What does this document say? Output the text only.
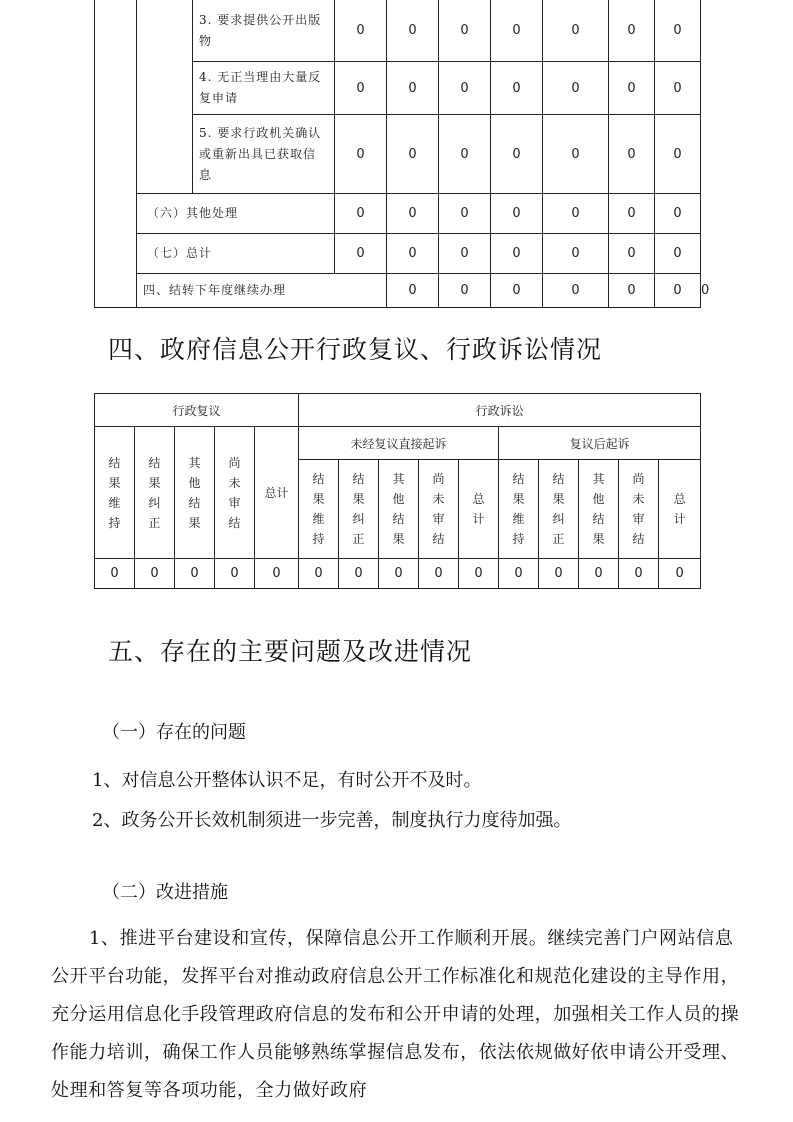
		3. 要求提供公开出版物	0	0	0	0	0	0	0	
		4. 无正当理由大量反复申请	0	0	0	0	0	0	0	
		5. 要求行政机关确认或重新出具已获取信息	0	0	0	0	0	0	0	
	（六）其他处理		0	0	0	0	0	0	0	
	（七）总计		0	0	0	0	0	0	0	
	四、结转下年度继续办理			0	0	0	0	0	0	0
四、政府信息公开行政复议、行政诉讼情况
行政复议					行政诉讼									
结果维持	结果纠正	其他结果	尚未审结	总计	未经复议直接起诉					复议后起诉				
					结果维持	结果纠正	其他结果	尚未审结	总计	结果维持	结果纠正	其他结果	尚未审结	总计
0	0	0	0	0	0	0	0	0	0	0	0	0	0	0
五、存在的主要问题及改进情况

（一）存在的问题

1、对信息公开整体认识不足，有时公开不及时。

2、政务公开长效机制须进一步完善，制度执行力度待加强。

（二）改进措施

1、推进平台建设和宣传，保障信息公开工作顺利开展。继续完善门户网站信息公开平台功能，发挥平台对推动政府信息公开工作标准化和规范化建设的主导作用，充分运用信息化手段管理政府信息的发布和公开申请的处理，加强相关工作人员的操作能力培训，确保工作人员能够熟练掌握信息发布，依法依规做好依申请公开受理、处理和答复等各项功能，全力做好政府
